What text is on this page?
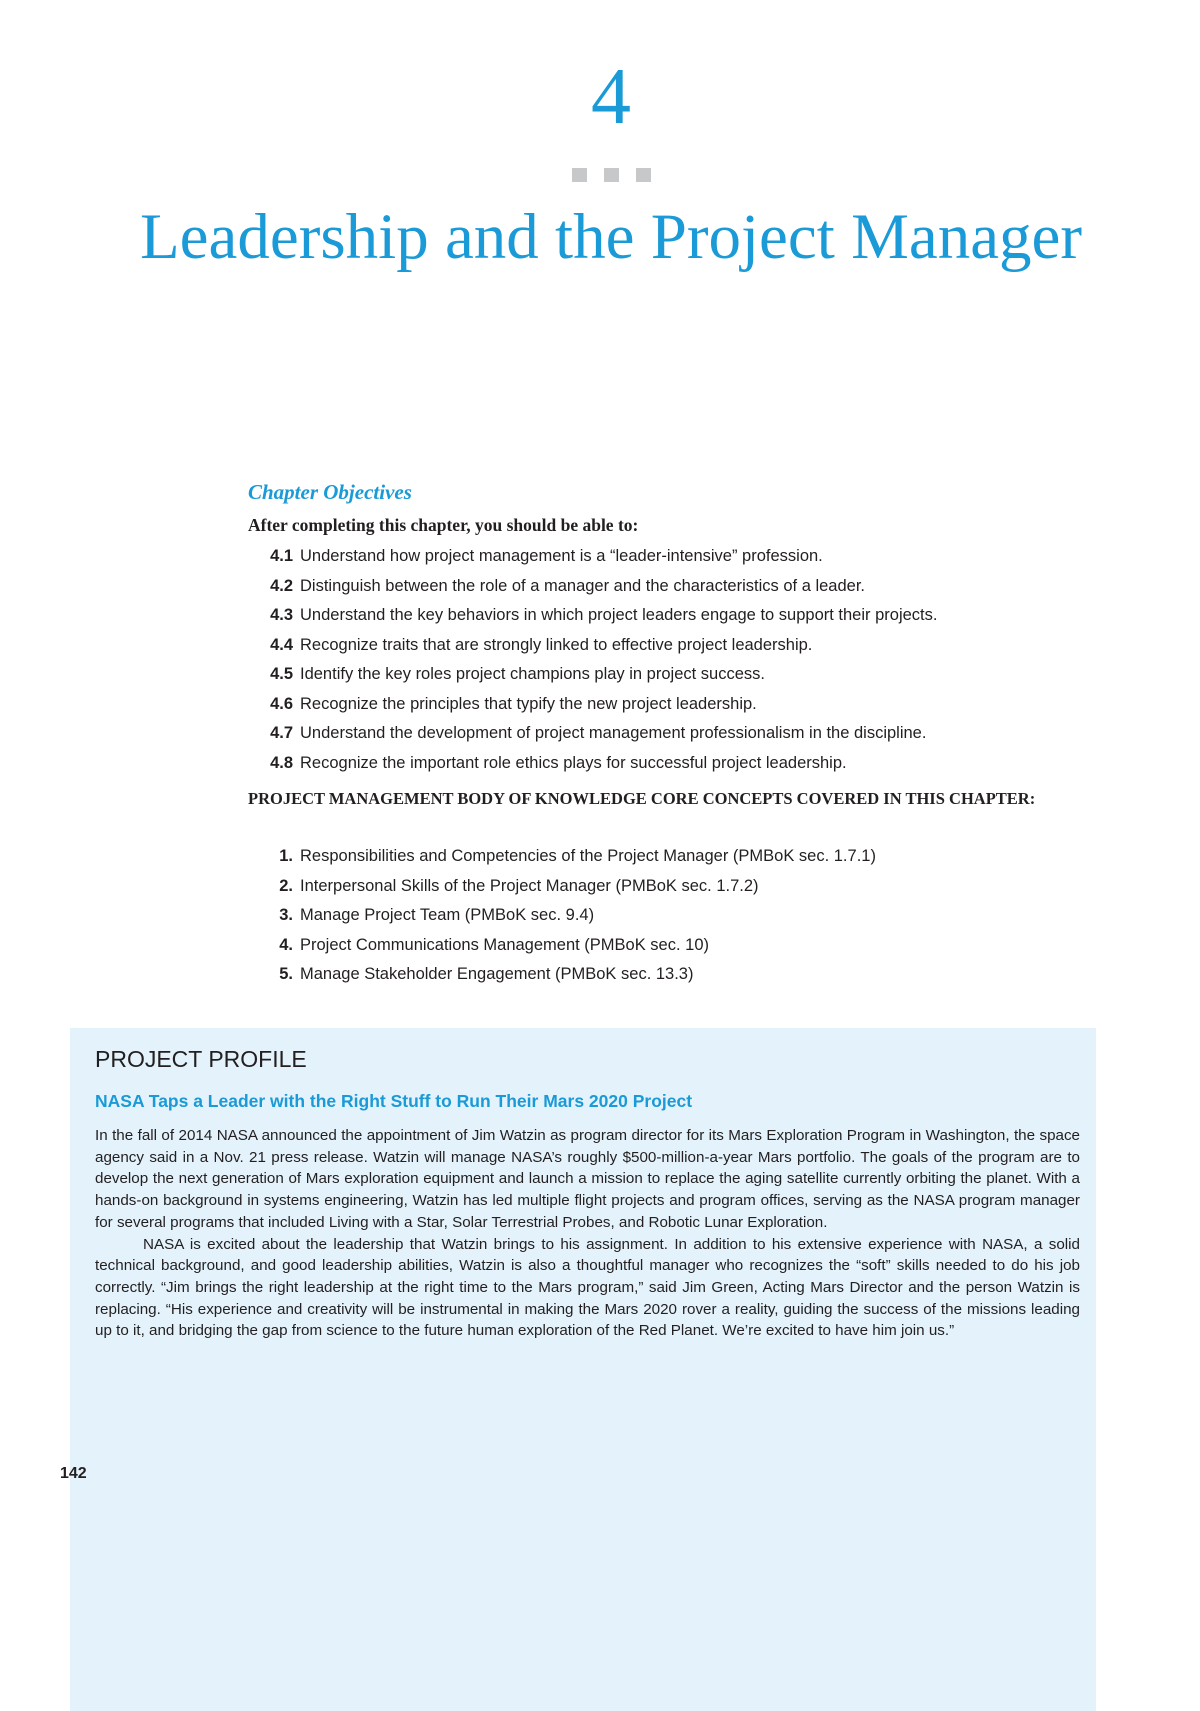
4
Leadership and the Project Manager
Chapter Objectives
After completing this chapter, you should be able to:
4.1 Understand how project management is a “leader-intensive” profession.
4.2 Distinguish between the role of a manager and the characteristics of a leader.
4.3 Understand the key behaviors in which project leaders engage to support their projects.
4.4 Recognize traits that are strongly linked to effective project leadership.
4.5 Identify the key roles project champions play in project success.
4.6 Recognize the principles that typify the new project leadership.
4.7 Understand the development of project management professionalism in the discipline.
4.8 Recognize the important role ethics plays for successful project leadership.
PROJECT MANAGEMENT BODY OF KNOWLEDGE CORE CONCEPTS COVERED IN THIS CHAPTER:
1. Responsibilities and Competencies of the Project Manager (PMBoK sec. 1.7.1)
2. Interpersonal Skills of the Project Manager (PMBoK sec. 1.7.2)
3. Manage Project Team (PMBoK sec. 9.4)
4. Project Communications Management (PMBoK sec. 10)
5. Manage Stakeholder Engagement (PMBoK sec. 13.3)
PROJECT PROFILE
NASA Taps a Leader with the Right Stuff to Run Their Mars 2020 Project

In the fall of 2014 NASA announced the appointment of Jim Watzin as program director for its Mars Exploration Program in Washington, the space agency said in a Nov. 21 press release. Watzin will manage NASA’s roughly $500-million-a-year Mars portfolio. The goals of the program are to develop the next generation of Mars exploration equipment and launch a mission to replace the aging satellite currently orbiting the planet. With a hands-on background in systems engineering, Watzin has led multiple flight projects and program offices, serving as the NASA program manager for several programs that included Living with a Star, Solar Terrestrial Probes, and Robotic Lunar Exploration.

NASA is excited about the leadership that Watzin brings to his assignment. In addition to his extensive experience with NASA, a solid technical background, and good leadership abilities, Watzin is also a thoughtful manager who recognizes the “soft” skills needed to do his job correctly. “Jim brings the right leadership at the right time to the Mars program,” said Jim Green, Acting Mars Director and the person Watzin is replacing. “His experience and creativity will be instrumental in making the Mars 2020 rover a reality, guiding the success of the missions leading up to it, and bridging the gap from science to the future human exploration of the Red Planet. We’re excited to have him join us.”

142
